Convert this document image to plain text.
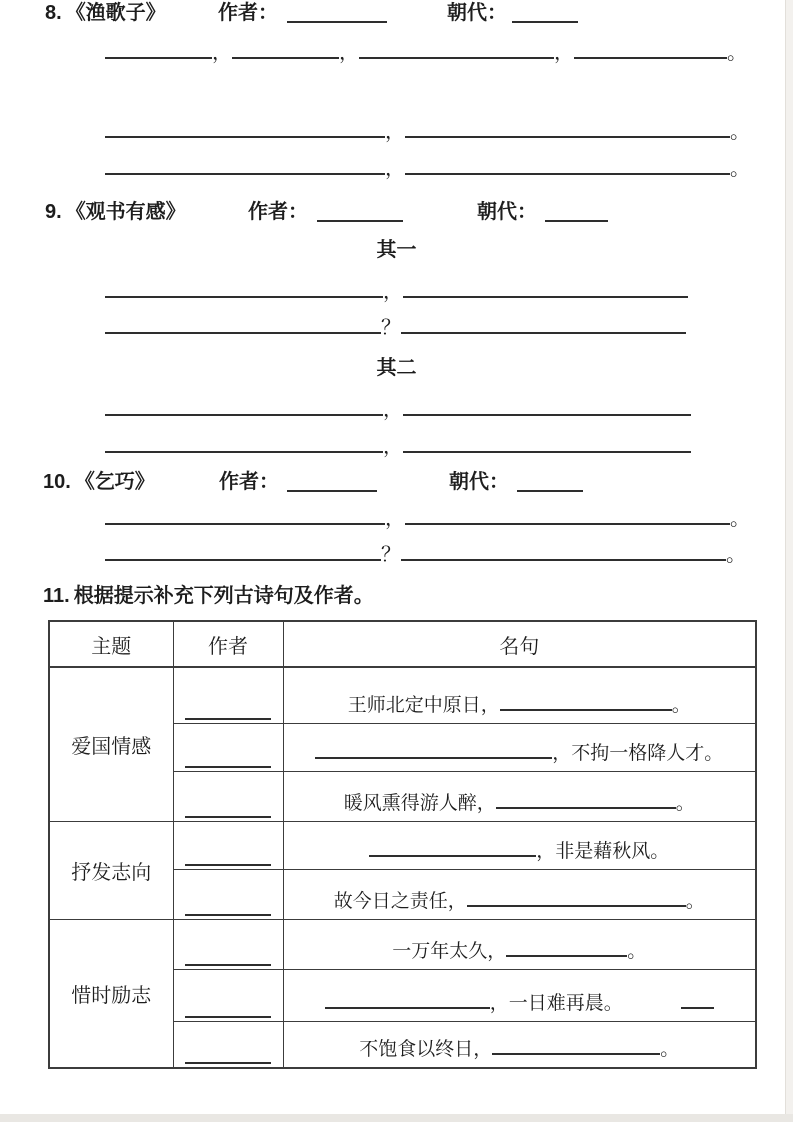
，	，	，	。
8. 《渔歌子》	作者：	朝代：
，	。
，	。
9. 《观书有感》	作者：	朝代：
其一
，
？
其二
，
，
10. 《乞巧》	作者：	朝代：
，	。
？	。
11. 根据提示补充下列古诗句及作者。
主题	作者	名句
爱国情感		王师北定中原日， 。

		，不拘一格降人才。

		暖风熏得游人醉， 。
抒发志向		，非是藉秋风。

		故今日之责任， 。
惜时励志		一万年太久， 。

		，一日难再晨。

		不饱食以终日， 。
